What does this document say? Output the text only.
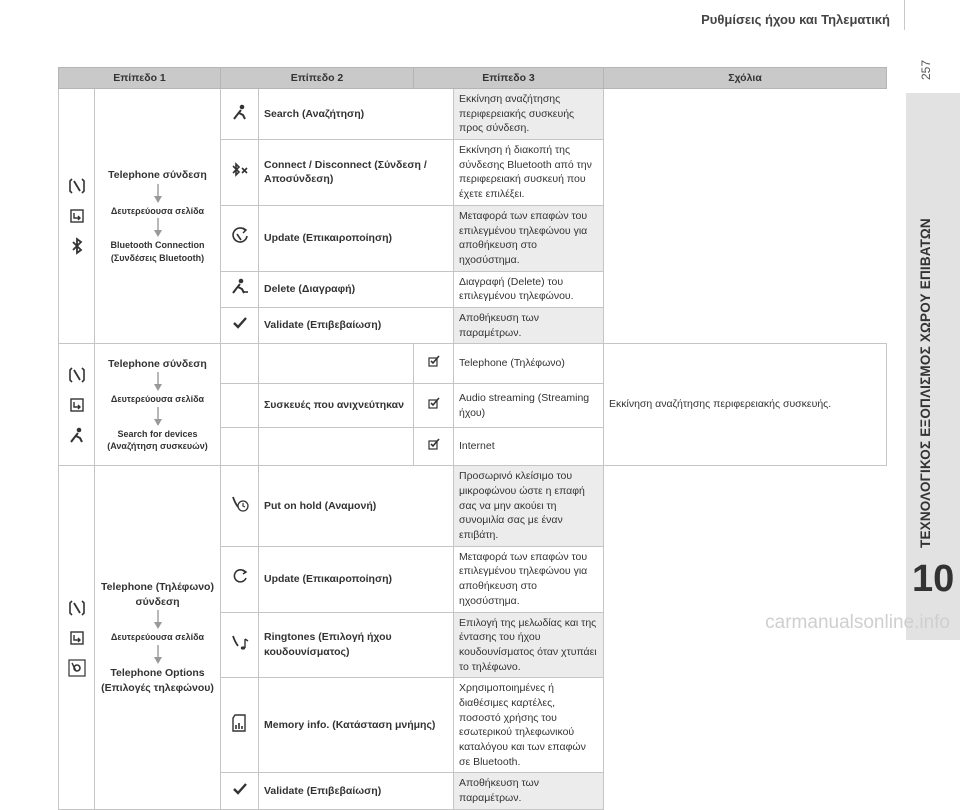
Ρυθμίσεις ήχου και Τηλεματική
257
ΤΕΧΝΟΛΟΓΙΚΟΣ ΕΞΟΠΛΙΣΜΟΣ ΧΩΡΟΥ ΕΠΙΒΑΤΩΝ
10
Επίπεδο 1		Επίπεδο 2		Επίπεδο 3		Σχόλια

Telephone σύνδεση
Δευτερεύουσα σελίδα
Bluetooth Connection (Συνδέσεις Bluetooth)		Search (Αναζήτηση)		Εκκίνηση αναζήτησης περιφερειακής συσκευής προς σύνδεση.	
	Connect / Disconnect (Σύνδεση / Αποσύνδεση)		Εκκίνηση ή διακοπή της σύνδεσης Bluetooth από την περιφερειακή συσκευή που έχετε επιλέξει.	
	Update (Επικαιροποίηση)		Μεταφορά των επαφών του επιλεγμένου τηλεφώνου για αποθήκευση στο ηχοσύστημα.	
	Delete (Διαγραφή)		Διαγραφή (Delete) του επιλεγμένου τηλεφώνου.	
	Validate (Επιβεβαίωση)		Αποθήκευση των παραμέτρων.	

Telephone σύνδεση
Δευτερεύουσα σελίδα
Search for devices (Αναζήτηση συσκευών)				Telephone (Τηλέφωνο)	Εκκίνηση αναζήτησης περιφερειακής συσκευής.
			Συσκευές που ανιχνεύτηκαν		Audio streaming (Streaming ήχου)	
			Internet	

Telephone (Τηλέφωνο) σύνδεση
Δευτερεύουσα σελίδα
Telephone Options (Επιλογές τηλεφώνου)		Put on hold (Αναμονή)		Προσωρινό κλείσιμο του μικροφώνου ώστε η επαφή σας να μην ακούει τη συνομιλία σας με έναν επιβάτη.	
	Update (Επικαιροποίηση)		Μεταφορά των επαφών του επιλεγμένου τηλεφώνου για αποθήκευση στο ηχοσύστημα.	
	Ringtones (Επιλογή ήχου κουδουνίσματος)		Επιλογή της μελωδίας και της έντασης του ήχου κουδουνίσματος όταν χτυπάει το τηλέφωνο.	
	Memory info. (Κατάσταση μνήμης)		Χρησιμοποιημένες ή διαθέσιμες καρτέλες, ποσοστό χρήσης του εσωτερικού τηλεφωνικού καταλόγου και των επαφών σε Bluetooth.	
	Validate (Επιβεβαίωση)		Αποθήκευση των παραμέτρων.	
carmanualsonline.info
